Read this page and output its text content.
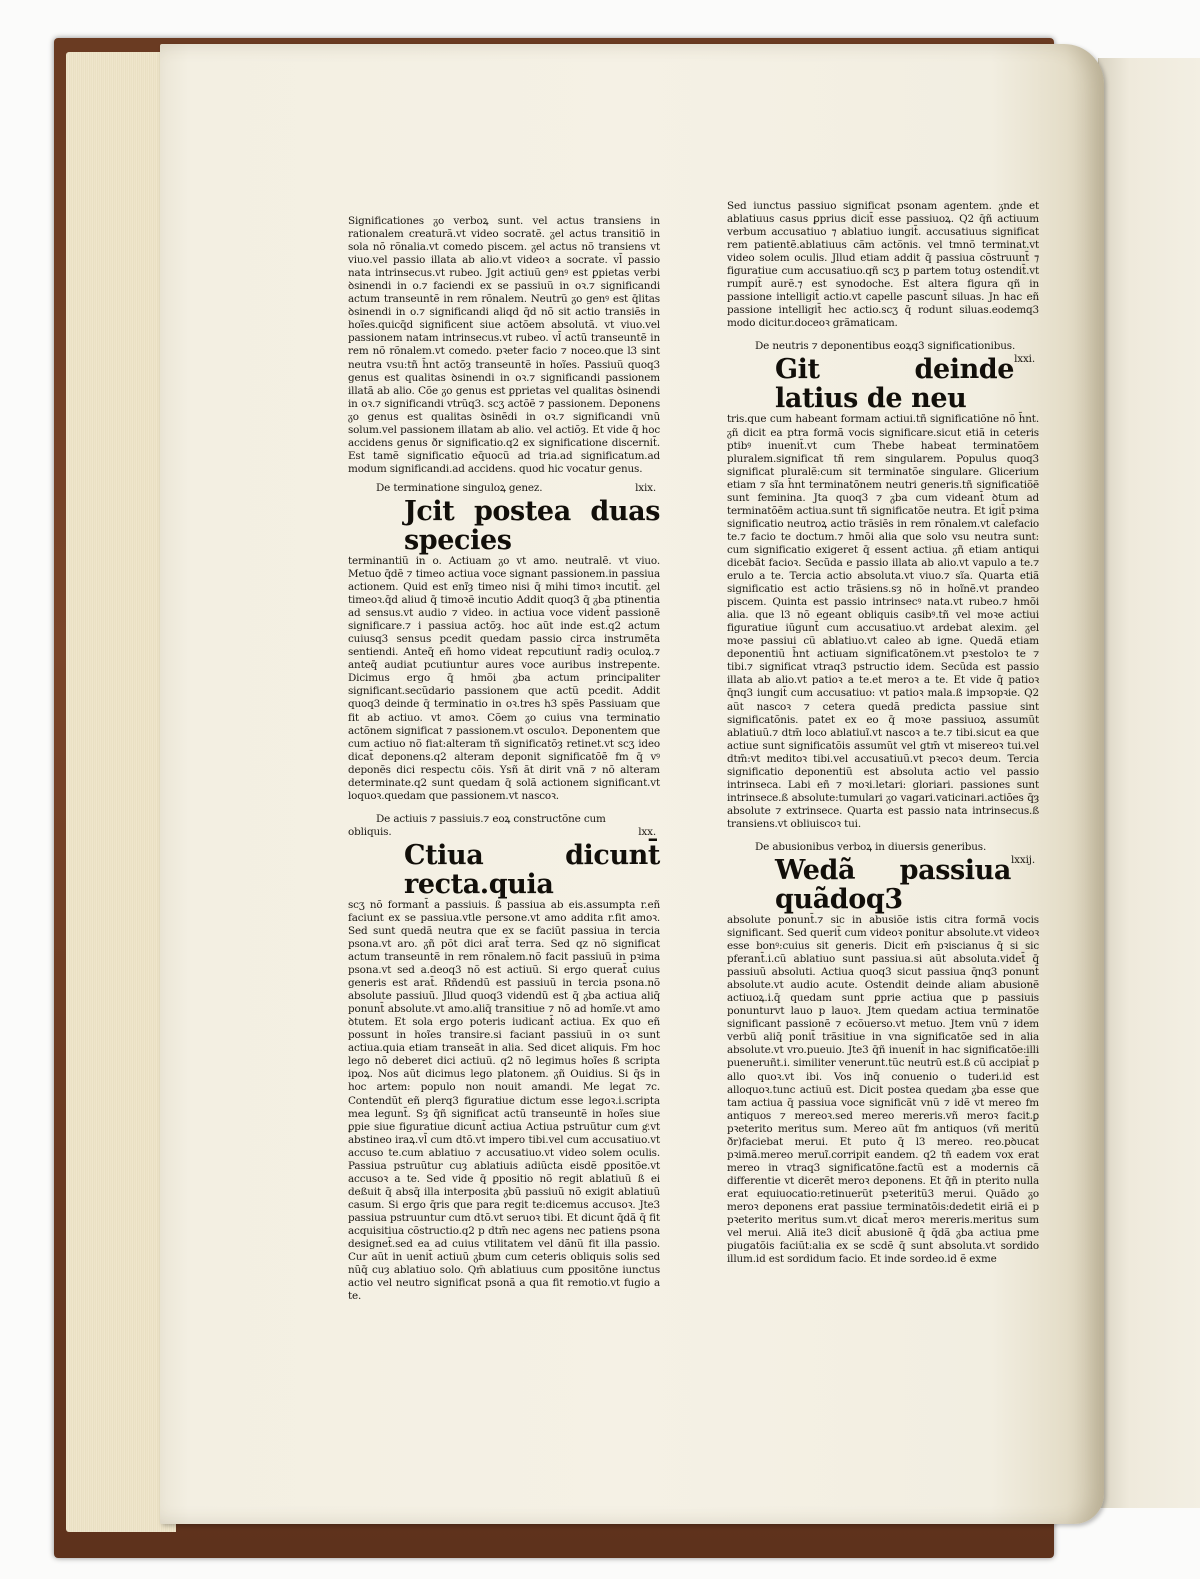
Significationes ᵹo verboꝝ sunt. vel actus transiens in rationalem creaturã.vt video socratẽ. ᵹel actus transitiõ in sola nõ rõnalia.vt comedo piscem. ᵹel actus nõ transiens vt viuo.vel passio illata ab alio.vt videoꝛ a socrate. vl̄ passio nata intrinsecus.vt rubeo. Jgit actiuũ genꝰ est ꝑpietas verbi ꝺsinendi in o.⁊ faciendi ex se passiuũ in oꝛ.⁊ significandi actum transeuntẽ in rem rõnalem. Neutrũ ᵹo genꝰ est q̄litas ꝺsinendi in o.⁊ significandi aliqd q̄d nõ sit actio transiẽs in hoĩes.quicq̄d significent siue actõem absolutã. vt viuo.vel passionem natam intrinsecus.vt rubeo. vl̄ actũ transeuntẽ in rem nõ rõnalem.vt comedo. pꝛeter facio ⁊ noceo.que l3 sint neutra vsu:tñ h̄nt actõȝ transeuntẽ in hoĩes. Passiuũ quoq3 genus est qualitas ꝺsinendi in oꝛ.⁊ significandi passionem illatã ab alio. Cõe ᵹo genus est ꝑprietas vel qualitas ꝺsinendi in oꝛ.⁊ significandi vtrũq3. scʒ actõẽ ⁊ passionem. Deponens ᵹo genus est qualitas ꝺsinẽdi in oꝛ.⁊ significandi vnũ solum.vel passionem illatam ab alio. vel actiõȝ. Et vide q̄ hoc accidens genus ðr significatio.q2 ex significatione discernit̄. Est tamẽ significatio eq̄uocũ ad tria.ad significatum.ad modum significandi.ad accidens. quod hic vocatur genus.

De terminatione singuloꝝ genez.	lxix.
Jcit postea duas species

terminantiũ in o. Actiuam ᵹo vt amo. neutralẽ. vt viuo. Metuo q̄dẽ ⁊ timeo actiua voce signant passionem.in passiua actionem. Quid est enĩȝ timeo nisi q̄ mihi timoꝛ incutit̄. ᵹel timeoꝛ.q̄d aliud q̄ timoꝛẽ incutio Addit quoq3 q̄ ᵹba ptinentia ad sensus.vt audio ⁊ video. in actiua voce vident̄ passionẽ significare.⁊ i passiua actõȝ. hoc aũt inde est.q2 actum cuiusq3 sensus pcedit quedam passio circa instrumẽta sentiendi. Anteq̄ eñ homo videat repcutiunt̄ radiȝ oculoꝝ.⁊ anteq̄ audiat pcutiuntur aures voce auribus instrepente. Dicimus ergo q̄ hmõi ᵹba actum principaliter significant.secũdario passionem que actũ pcedit. Addit quoq3 deinde q̄ terminatio in oꝛ.tres h3 spẽs Passiuam que fit ab actiuo. vt amoꝛ. Cõem ᵹo cuius vna terminatio actõnem significat ⁊ passionem.vt osculoꝛ. Deponentem que cum actiuo nõ fiat:alteram tñ significatõȝ retinet.vt scʒ ideo dicat̄ deponens.q2 alteram deponit significatõẽ fm q̄ vꝰ deponẽs dici respectu cõis. Ysñ ãt dirit vnã ⁊ nõ alteram determinate.q2 sunt quedam q̄ solã actionem significant.vt loquoꝛ.quedam que passionem.vt nascoꝛ.

De actiuis ⁊ passiuis.⁊ eoꝝ constructõne cum
obliquis.	lxx.
Ctiua dicunt̄ recta.quia

scʒ nõ formant̄ a passiuis. ß passiua ab eis.assumpta r.eñ faciunt ex se passiua.vtle persone.vt amo addita r.fit amoꝛ. Sed sunt quedã neutra que ex se faciũt passiua in tercia psona.vt aro. ᵹñ põt dici arat̄ terra. Sed qz nõ significat actum transeuntẽ in rem rõnalem.nõ facit passiuũ in pꝛima psona.vt sed a.deoq3 nõ est actiuũ. Si ergo querat̄ cuius generis est arat̄. Rñdendũ est passiuũ in tercia psona.nõ absolute passiuũ. Jllud quoq3 videndũ est q̄ ᵹba actiua aliq̄ ponunt̄ absolute.vt amo.aliq̄ transitiue ⁊ nõ ad homĩe.vt amo ꝺtutem. Et sola ergo poteris iudicant̄ actiua. Ex quo eñ possunt in hoĩes transire.si faciant passiuũ in oꝛ sunt actiua.quia etiam transeãt in alia. Sed dicet aliquis. Fm hoc lego nõ deberet dici actiuũ. q2 nõ legimus hoĩes ß scripta ipoꝝ. Nos aũt dicimus lego platonem. ᵹñ Ouidius. Si q̄s in hoc artem: populo non nouit amandi. Me legat ⁊c. Contendũt eñ plerq3 figuratiue dictum esse legoꝛ.i.scripta mea legunt̄. Sȝ q̄ñ significat actũ transeuntẽ in hoĩes siue ꝑpie siue figuratiue dicunt̄ actiua Actiua pstruũtur cum gͦ.vt abstineo iraꝝ.vl̄ cum dtõ.vt impero tibi.vel cum accusatiuo.vt accuso te.cum ablatiuo ⁊ accusatiuo.vt video solem oculis. Passiua pstruũtur cuȝ ablatiuis adiũcta eisdẽ ꝑpositõe.vt accusoꝛ a te. Sed vide q̄ ꝑpositio nõ regit ablatiuũ ß ei deßuit q̄ absq̄ illa interposita ᵹbũ passiuũ nõ exigit ablatiuũ casum. Si ergo q̄ris que para regit te:dicemus accusoꝛ. Jte3 passiua pstruuntur cum dtõ.vt seruoꝛ tibi. Et dicunt q̄dã q̄ fit acquisitiua cõstructio.q2 p dtm̄ nec agens nec patiens psona designet̄.sed ea ad cuius vtilitatem vel dãnũ fit illa passio. Cur aũt in uenit̄ actiuũ ᵹbum cum ceteris obliquis solis sed nũq̄ cuȝ ablatiuo solo. Qm̄ ablatiuus cum ꝑpositõne iunctus actio vel neutro significat psonã a qua fit remotio.vt fugio a te.

Sed iunctus passiuo significat psonam agentem. ᵹnde et ablatiuus casus ꝑprius dicit̄ esse passiuoꝝ. Q2 q̄ñ actiuum verbum accusatiuo ⁊ ablatiuo iungit̄. accusatiuus significat rem patientẽ.ablatiuus cãm actõnis. vel tmnõ terminat.vt video solem oculis. Jllud etiam addit q̄ passiua cõstruunt̄ ⁊ figuratiue cum accusatiuo.qñ scʒ p partem totuȝ ostendit̄.vt rumpit̄ aurẽ.⁊ est synodoche. Est altera figura qñ in passione intelligit̄ actio.vt capelle pascunt̄ siluas. Jn hac eñ passione intelligit̄ hec actio.scʒ q̄ rodunt siluas.eodemq3 modo dicitur.doceoꝛ grãmaticam.

De neutris ⁊ deponentibus eoꝝq3 significationibus.

lxxi.
Git deinde latius de neu

tris.que cum habeant formam actiui.tñ significatiõne nõ h̄nt. ᵹñ dicit ea ptra formã vocis significare.sicut etiã in ceteris ptibꝰ inuenit̄.vt cum Thebe habeat terminatõem pluralem.significat tñ rem singularem. Populus quoq3 significat pluralẽ:cum sit terminatõe singulare. Glicerium etiam ⁊ sĩa h̄nt terminatõnem neutri generis.tñ significatiõẽ sunt feminina. Jta quoq3 ⁊ ᵹba cum videant̄ ꝺtum ad terminatõẽm actiua.sunt tñ significatõe neutra. Et igit̄ pꝛima significatio neutroꝝ actio trãsiẽs in rem rõnalem.vt calefacio te.⁊ facio te doctum.⁊ hmõi alia que solo vsu neutra sunt: cum significatio exigeret q̄ essent actiua. ᵹñ etiam antiqui dicebãt facioꝛ. Secũda e passio illata ab alio.vt vapulo a te.⁊ erulo a te. Tercia actio absoluta.vt viuo.⁊ sĩa. Quarta etiã significatio est actio trãsiens.sȝ nõ in hoĩnẽ.vt prandeo piscem. Quinta est passio intrinsecꝰ nata.vt rubeo.⁊ hmõi alia. que l3 nõ egeant obliquis casibꝰ.tñ vel moꝛe actiui figuratiue iũgunt̄ cum accusatiuo.vt ardebat alexim. ᵹel moꝛe passiui cũ ablatiuo.vt caleo ab igne. Quedã etiam deponentiũ h̄nt actiuam significatõnem.vt pꝛestoloꝛ te ⁊ tibi.⁊ significat vtraq3 pstructio idem. Secũda est passio illata ab alio.vt patioꝛ a te.et meroꝛ a te. Et vide q̄ patioꝛ q̄nq3 iungit̄ cum accusatiuo: vt patioꝛ mala.ß impꝛopꝛie. Q2 aũt nascoꝛ ⁊ cetera quedã predicta passiue sint significatõnis. patet ex eo q̄ moꝛe passiuoꝝ assumũt ablatiuũ.⁊ dtm̄ loco ablatiuĩ.vt nascoꝛ a te.⁊ tibi.sicut ea que actiue sunt significatõis assumũt vel gtm̄ vt misereoꝛ tui.vel dtm̄:vt meditoꝛ tibi.vel accusatiuũ.vt pꝛecoꝛ deum. Tercia significatio deponentiũ est absoluta actio vel passio intrinseca. Labi eñ ⁊ moꝛi.letari: gloriari. passiones sunt intrinsece.ß absolute:tumulari ᵹo vagari.vaticinari.actiões q̄ȝ absolute ⁊ extrinsece. Quarta est passio nata intrinsecus.ß transiens.vt obliuiscoꝛ tui.

De abusionibus verboꝝ in diuersis generibus.

lxxij.
Wedã passiua quãdoq3

absolute ponunt̄.⁊ sic in abusiõe istis citra formã vocis significant. Sed querit̄ cum videoꝛ ponitur absolute.vt videoꝛ esse bonꝰ:cuius sit generis. Dicit em̄ pꝛiscianus q̄ si sic pferant̄.i.cũ ablatiuo sunt passiua.si aũt absoluta.videt̄ q̄ passiuũ absoluti. Actiua quoq3 sicut passiua q̄nq3 ponunt̄ absolute.vt audio acute. Ostendit deinde aliam abusionẽ actiuoꝝ.i.q̄ quedam sunt ꝑprie actiua que p passiuis ponunturvt lauo p lauoꝛ. Jtem quedam actiua terminatõe significant passionẽ ⁊ ecõuerso.vt metuo. Jtem vnũ ⁊ idem verbũ aliq̄ ponit̄ trãsitiue in vna significatõe sed in alia absolute.vt vro.pueuio. Jte3 q̄ñ inuenit̄ in hac significatõe:illi pueneruñt.i. similiter venerunt.tũc neutrũ est.ß cũ accipiat̄ p allo quoꝛ.vt ibi. Vos inq̄ conuenio o tuderi.id est alloquoꝛ.tunc actiuũ est. Dicit postea quedam ᵹba esse que tam actiua q̄ passiua voce significãt vnũ ⁊ idẽ vt mereo fm antiquos ⁊ mereoꝛ.sed mereo mereris.vñ meroꝛ facit.ꝑ pꝛeterito meritus sum. Mereo aũt fm antiquos (vñ meritũ ðr)faciebat merui. Et puto q̄ l3 mereo. reo.pꝺucat pꝛimã.mereo meruĩ.corripit eandem. q2 tñ eadem vox erat mereo in vtraq3 significatõne.factũ est a modernis cã differentie vt dicerẽt meroꝛ deponens. Et q̄ñ in pterito nulla erat equiuocatio:retinuerũt pꝛeteritũ3 merui. Quãdo ᵹo meroꝛ deponens erat passiue terminatõis:dedetit eiriã ei p pꝛeterito meritus sum.vt dicat̄ meroꝛ mereris.meritus sum vel merui. Aliã ite3 dicit̄ abusionẽ q̄ q̄dã ᵹba actiua pme piugatõis faciũt:alia ex se scdẽ q̄ sunt absoluta.vt sordido illum.id est sordidum facio. Et inde sordeo.id ẽ exme
